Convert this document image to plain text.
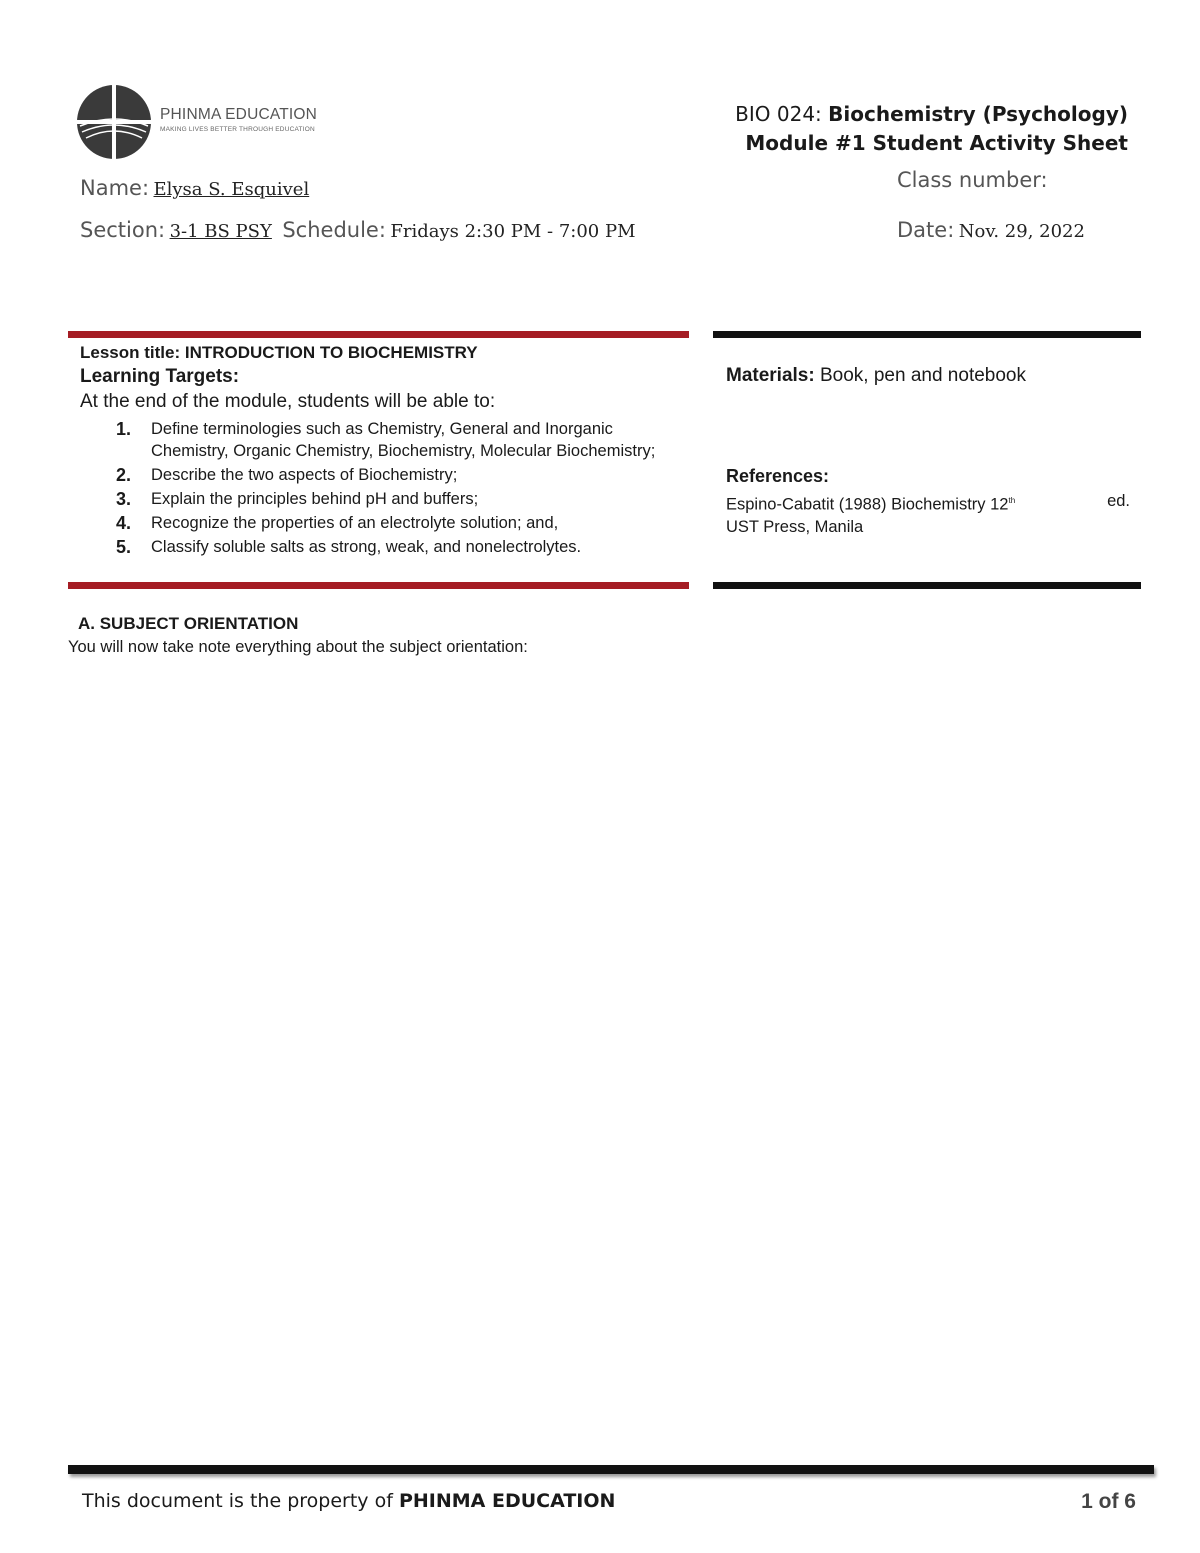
PHINMA EDUCATION
MAKING LIVES BETTER THROUGH EDUCATION
BIO 024: Biochemistry (Psychology)
Module #1 Student Activity Sheet
Name: Elysa S. Esquivel	Class number:
Section: 3-1 BS PSY Schedule: Fridays 2:30 PM - 7:00 PM	Date: Nov. 29, 2022
Lesson title: INTRODUCTION TO BIOCHEMISTRY
Learning Targets:
At the end of the module, students will be able to:
1. Define terminologies such as Chemistry, General and Inorganic Chemistry, Organic Chemistry, Biochemistry, Molecular Biochemistry;
2. Describe the two aspects of Biochemistry;
3. Explain the principles behind pH and buffers;
4. Recognize the properties of an electrolyte solution; and,
5. Classify soluble salts as strong, weak, and nonelectrolytes.
Materials: Book, pen and notebook
References:
Espino-Cabatit (1988) Biochemistry 12th	ed.
UST Press, Manila
A. SUBJECT ORIENTATION
You will now take note everything about the subject orientation:
This document is the property of PHINMA EDUCATION	1 of 6
